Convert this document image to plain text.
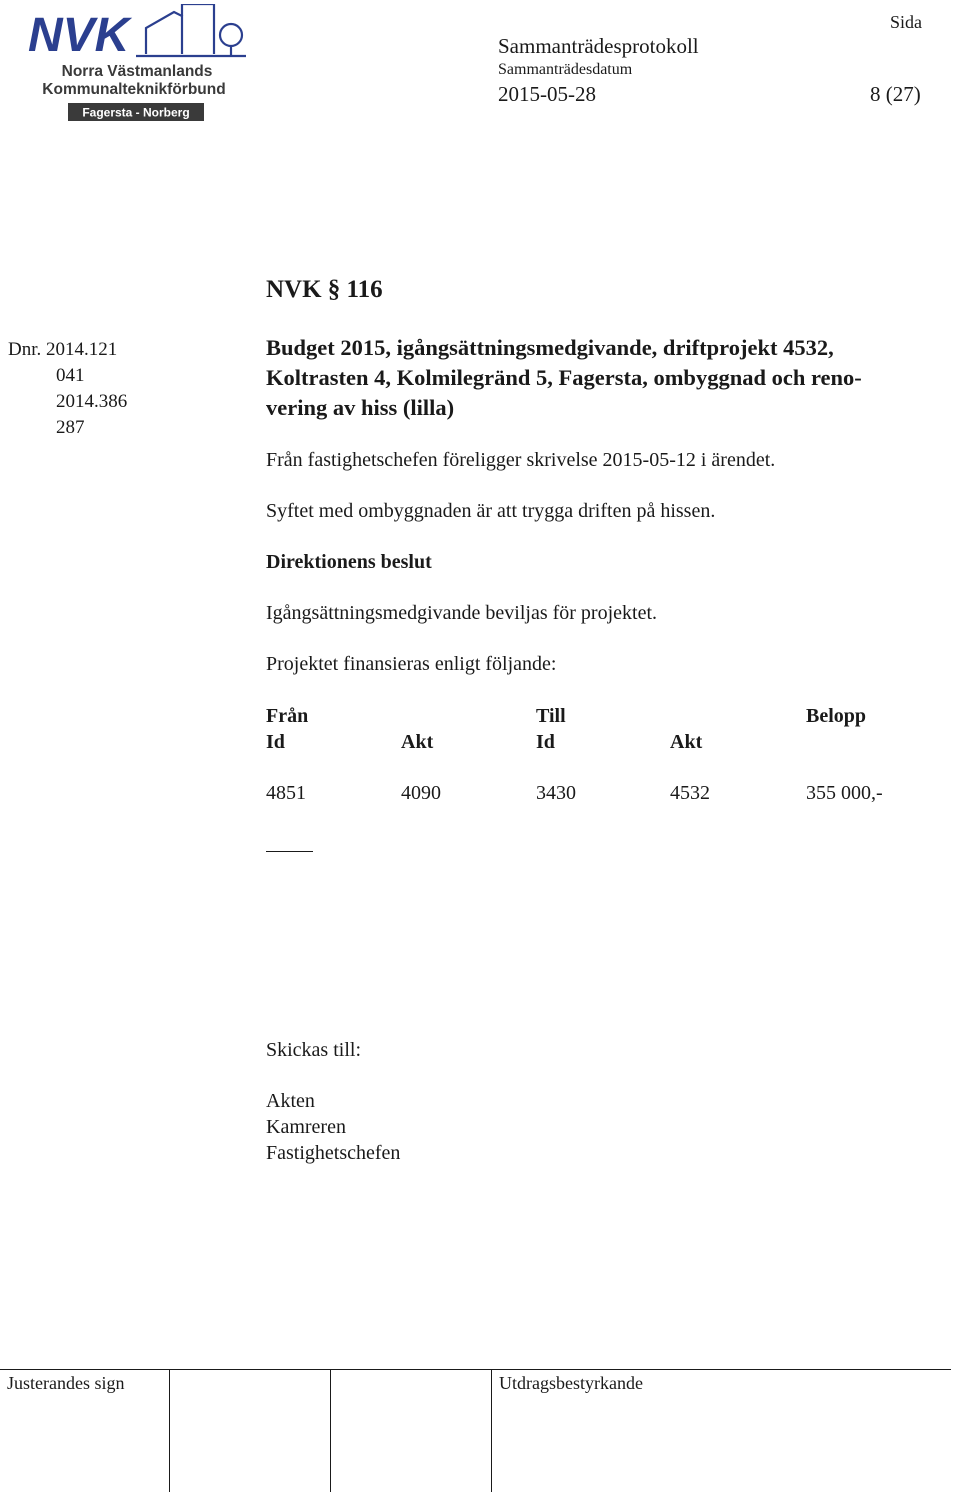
NVK
Norra Västmanlands
Kommunalteknikförbund
Fagersta - Norberg
Sida
Sammanträdesprotokoll
Sammanträdesdatum
2015-05-28	8 (27)
NVK § 116
Dnr. 2014.121
041
2014.386
287
Budget 2015, igångsättningsmedgivande, driftprojekt 4532,
Koltrasten 4, Kolmilegränd 5, Fagersta, ombyggnad och reno-
vering av hiss (lilla)
Från fastighetschefen föreligger skrivelse 2015-05-12 i ärendet.
Syftet med ombyggnaden är att trygga driften på hissen.
Direktionens beslut
Igångsättningsmedgivande beviljas för projektet.
Projektet finansieras enligt följande:
Från	Till	Belopp
Id	Akt	Id	Akt
4851	4090	3430	4532	355 000,-
Skickas till:
Akten
Kamreren
Fastighetschefen
Justerandes sign	Utdragsbestyrkande
